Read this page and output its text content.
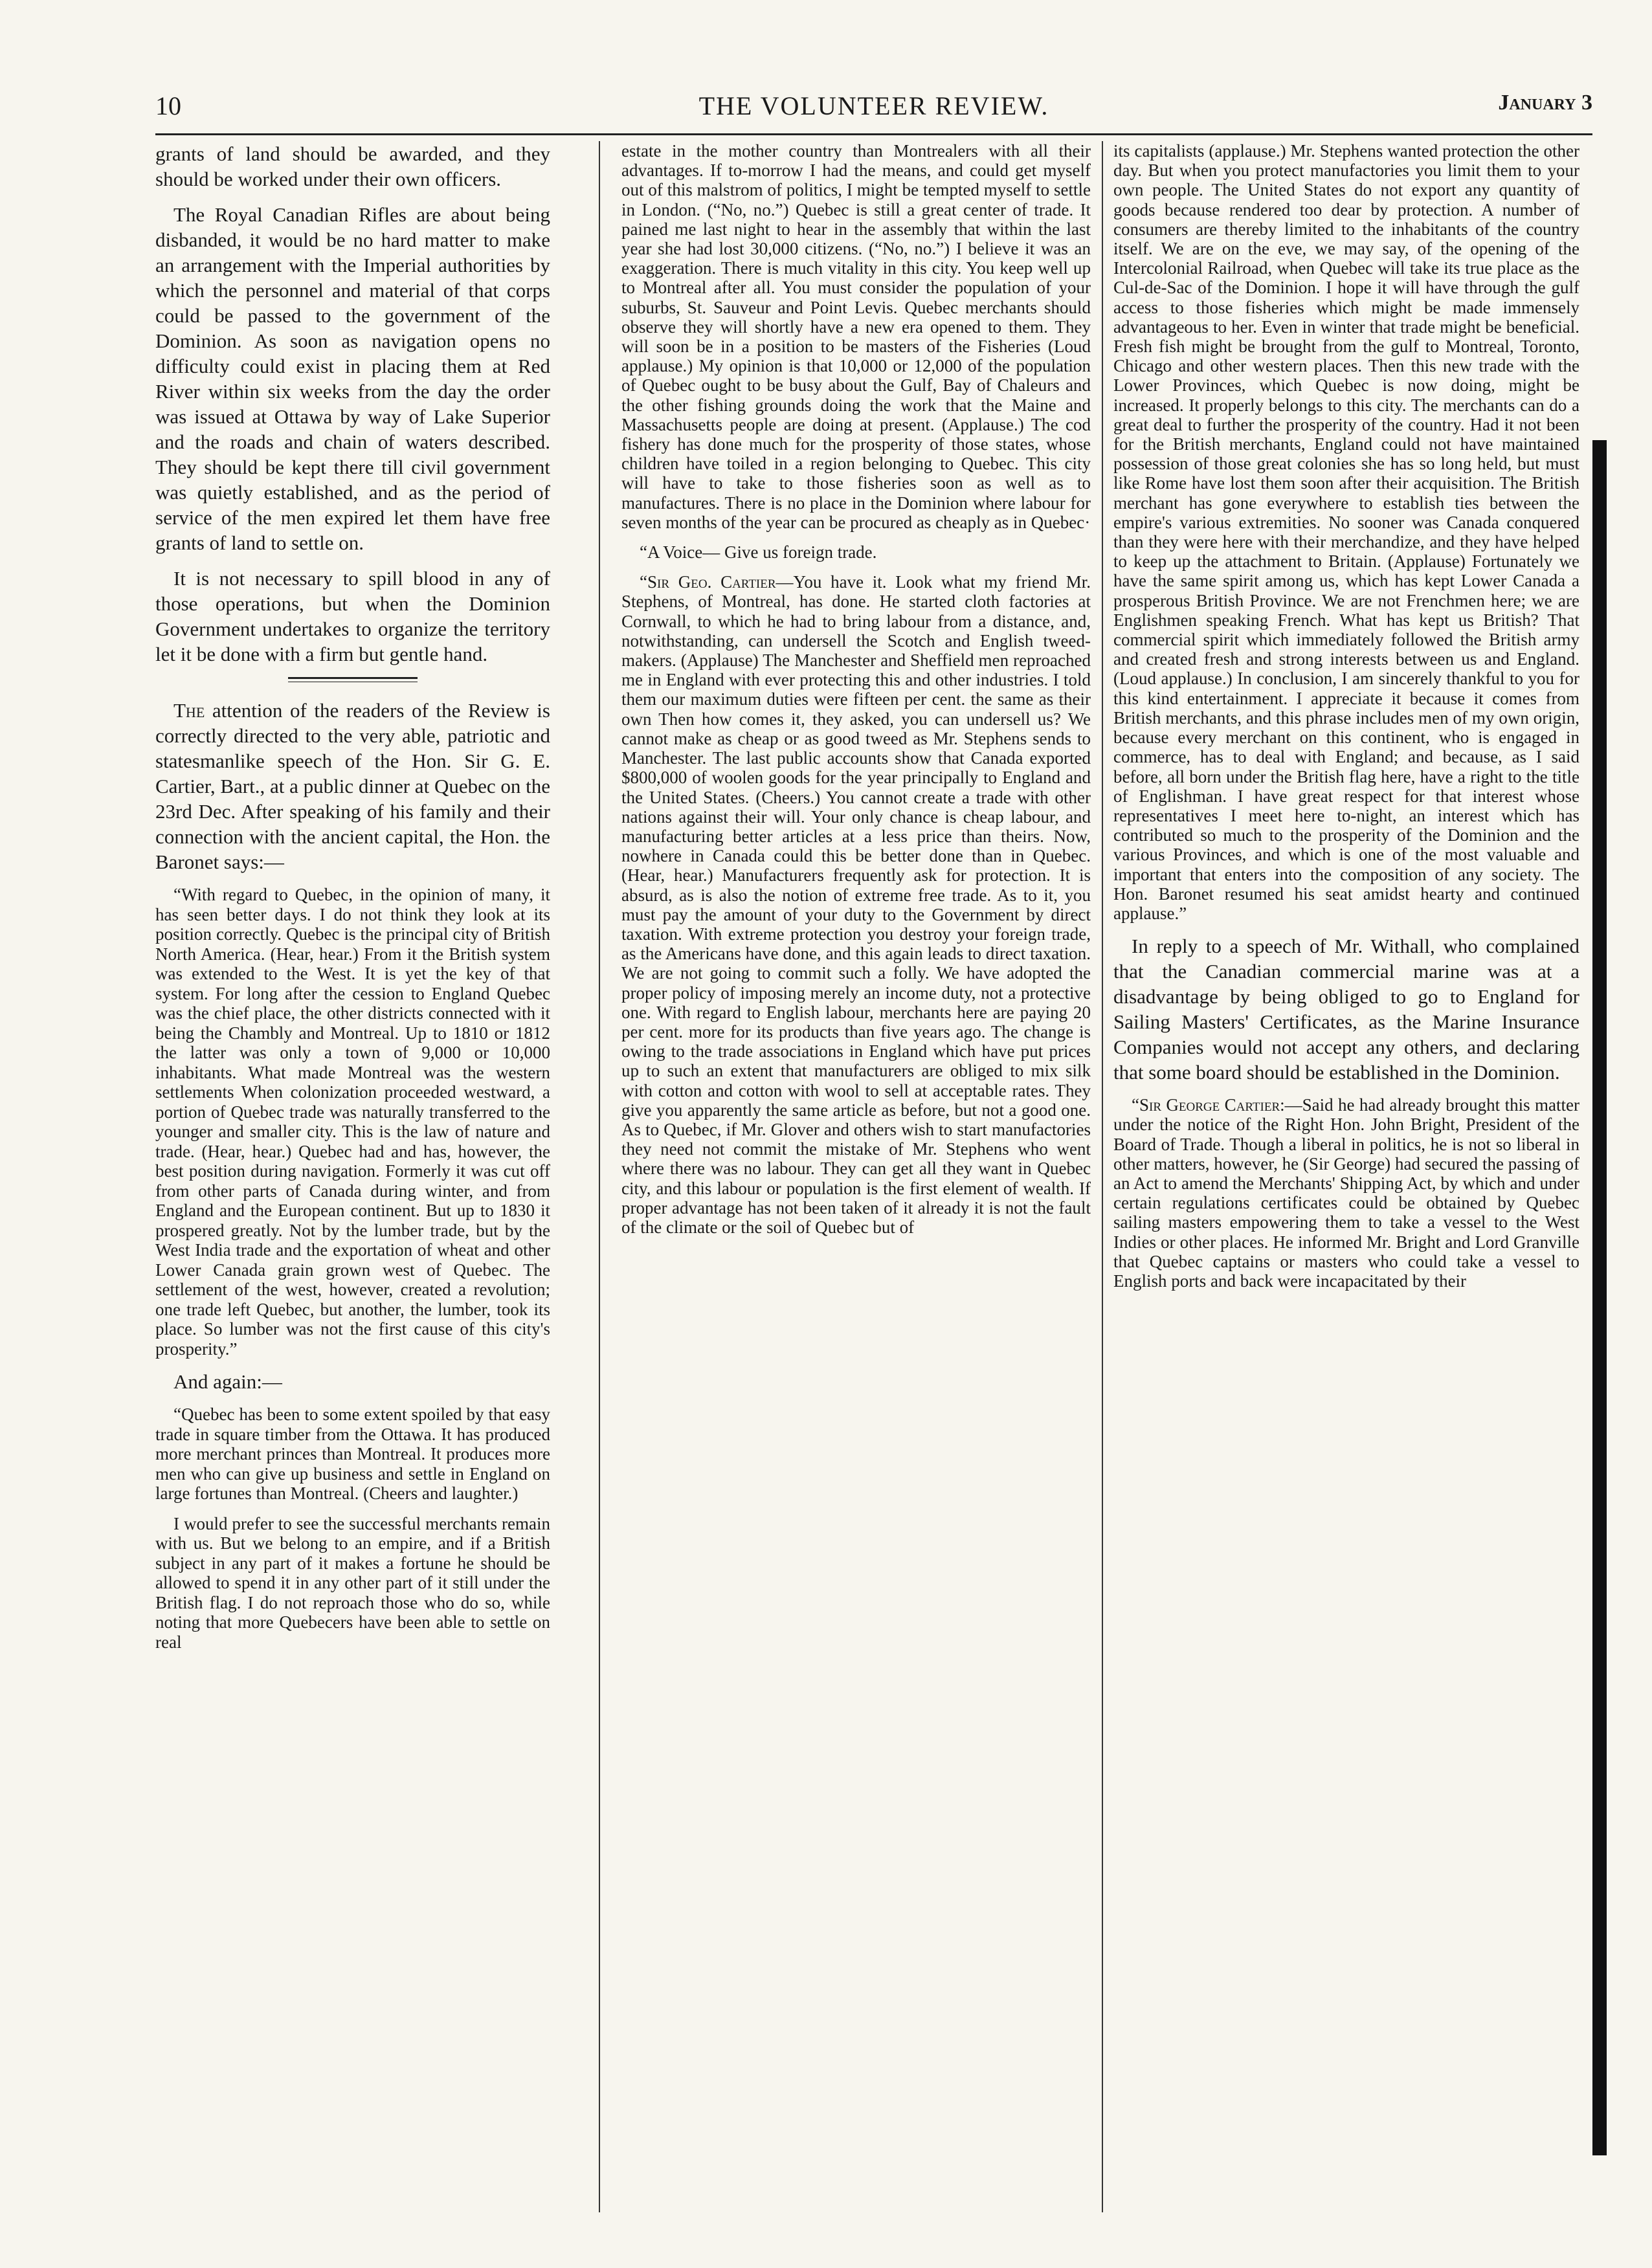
10	THE VOLUNTEER REVIEW.	January 3

grants of land should be awarded, and they should be worked under their own officers.

The Royal Canadian Rifles are about being disbanded, it would be no hard matter to make an arrangement with the Imperial authorities by which the personnel and material of that corps could be passed to the government of the Dominion. As soon as navigation opens no difficulty could exist in placing them at Red River within six weeks from the day the order was issued at Ottawa by way of Lake Superior and the roads and chain of waters described. They should be kept there till civil government was quietly established, and as the period of service of the men expired let them have free grants of land to settle on.

It is not necessary to spill blood in any of those operations, but when the Dominion Government undertakes to organize the territory let it be done with a firm but gentle hand.

The attention of the readers of the Review is correctly directed to the very able, patriotic and statesmanlike speech of the Hon. Sir G. E. Cartier, Bart., at a public dinner at Quebec on the 23rd Dec. After speaking of his family and their connection with the ancient capital, the Hon. the Baronet says:—

“With regard to Quebec, in the opinion of many, it has seen better days. I do not think they look at its position correctly. Quebec is the principal city of British North America. (Hear, hear.) From it the British system was extended to the West. It is yet the key of that system. For long after the cession to England Quebec was the chief place, the other districts connected with it being the Chambly and Montreal. Up to 1810 or 1812 the latter was only a town of 9,000 or 10,000 inhabitants. What made Montreal was the western settlements When colonization proceeded westward, a portion of Quebec trade was naturally transferred to the younger and smaller city. This is the law of nature and trade. (Hear, hear.) Quebec had and has, however, the best position during navigation. Formerly it was cut off from other parts of Canada during winter, and from England and the European continent. But up to 1830 it prospered greatly. Not by the lumber trade, but by the West India trade and the exportation of wheat and other Lower Canada grain grown west of Quebec. The settlement of the west, however, created a revolution; one trade left Quebec, but another, the lumber, took its place. So lumber was not the first cause of this city's prosperity.”

And again:—

“Quebec has been to some extent spoiled by that easy trade in square timber from the Ottawa. It has produced more merchant princes than Montreal. It produces more men who can give up business and settle in England on large fortunes than Montreal. (Cheers and laughter.)

I would prefer to see the successful merchants remain with us. But we belong to an empire, and if a British subject in any part of it makes a fortune he should be allowed to spend it in any other part of it still under the British flag. I do not reproach those who do so, while noting that more Quebecers have been able to settle on real

estate in the mother country than Montrealers with all their advantages. If to-morrow I had the means, and could get myself out of this malstrom of politics, I might be tempted myself to settle in London. (“No, no.”) Quebec is still a great center of trade. It pained me last night to hear in the assembly that within the last year she had lost 30,000 citizens. (“No, no.”) I believe it was an exaggeration. There is much vitality in this city. You keep well up to Montreal after all. You must consider the population of your suburbs, St. Sauveur and Point Levis. Quebec merchants should observe they will shortly have a new era opened to them. They will soon be in a position to be masters of the Fisheries (Loud applause.) My opinion is that 10,000 or 12,000 of the population of Quebec ought to be busy about the Gulf, Bay of Chaleurs and the other fishing grounds doing the work that the Maine and Massachusetts people are doing at present. (Applause.) The cod fishery has done much for the prosperity of those states, whose children have toiled in a region belonging to Quebec. This city will have to take to those fisheries soon as well as to manufactures. There is no place in the Dominion where labour for seven months of the year can be procured as cheaply as in Quebec·

“A Voice— Give us foreign trade.

“Sir Geo. Cartier—You have it. Look what my friend Mr. Stephens, of Montreal, has done. He started cloth factories at Cornwall, to which he had to bring labour from a distance, and, notwithstanding, can undersell the Scotch and English tweed-makers. (Applause) The Manchester and Sheffield men reproached me in England with ever protecting this and other industries. I told them our maximum duties were fifteen per cent. the same as their own Then how comes it, they asked, you can undersell us? We cannot make as cheap or as good tweed as Mr. Stephens sends to Manchester. The last public accounts show that Canada exported $800,000 of woolen goods for the year principally to England and the United States. (Cheers.) You cannot create a trade with other nations against their will. Your only chance is cheap labour, and manufacturing better articles at a less price than theirs. Now, nowhere in Canada could this be better done than in Quebec. (Hear, hear.) Manufacturers frequently ask for protection. It is absurd, as is also the notion of extreme free trade. As to it, you must pay the amount of your duty to the Government by direct taxation. With extreme protection you destroy your foreign trade, as the Americans have done, and this again leads to direct taxation. We are not going to commit such a folly. We have adopted the proper policy of imposing merely an income duty, not a protective one. With regard to English labour, merchants here are paying 20 per cent. more for its products than five years ago. The change is owing to the trade associations in England which have put prices up to such an extent that manufacturers are obliged to mix silk with cotton and cotton with wool to sell at acceptable rates. They give you apparently the same article as before, but not a good one. As to Quebec, if Mr. Glover and others wish to start manufactories they need not commit the mistake of Mr. Stephens who went where there was no labour. They can get all they want in Quebec city, and this labour or population is the first element of wealth. If proper advantage has not been taken of it already it is not the fault of the climate or the soil of Quebec but of

its capitalists (applause.) Mr. Stephens wanted protection the other day. But when you protect manufactories you limit them to your own people. The United States do not export any quantity of goods because rendered too dear by protection. A number of consumers are thereby limited to the inhabitants of the country itself. We are on the eve, we may say, of the opening of the Intercolonial Railroad, when Quebec will take its true place as the Cul-de-Sac of the Dominion. I hope it will have through the gulf access to those fisheries which might be made immensely advantageous to her. Even in winter that trade might be beneficial. Fresh fish might be brought from the gulf to Montreal, Toronto, Chicago and other western places. Then this new trade with the Lower Provinces, which Quebec is now doing, might be increased. It properly belongs to this city. The merchants can do a great deal to further the prosperity of the country. Had it not been for the British merchants, England could not have maintained possession of those great colonies she has so long held, but must like Rome have lost them soon after their acquisition. The British merchant has gone everywhere to establish ties between the empire's various extremities. No sooner was Canada conquered than they were here with their merchandize, and they have helped to keep up the attachment to Britain. (Applause) Fortunately we have the same spirit among us, which has kept Lower Canada a prosperous British Province. We are not Frenchmen here; we are Englishmen speaking French. What has kept us British? That commercial spirit which immediately followed the British army and created fresh and strong interests between us and England. (Loud applause.) In conclusion, I am sincerely thankful to you for this kind entertainment. I appreciate it because it comes from British merchants, and this phrase includes men of my own origin, because every merchant on this continent, who is engaged in commerce, has to deal with England; and because, as I said before, all born under the British flag here, have a right to the title of Englishman. I have great respect for that interest whose representatives I meet here to-night, an interest which has contributed so much to the prosperity of the Dominion and the various Provinces, and which is one of the most valuable and important that enters into the composition of any society. The Hon. Baronet resumed his seat amidst hearty and continued applause.”

In reply to a speech of Mr. Withall, who complained that the Canadian commercial marine was at a disadvantage by being obliged to go to England for Sailing Masters' Certificates, as the Marine Insurance Companies would not accept any others, and declaring that some board should be established in the Dominion.

“Sir George Cartier:—Said he had already brought this matter under the notice of the Right Hon. John Bright, President of the Board of Trade. Though a liberal in politics, he is not so liberal in other matters, however, he (Sir George) had secured the passing of an Act to amend the Merchants' Shipping Act, by which and under certain regulations certificates could be obtained by Quebec sailing masters empowering them to take a vessel to the West Indies or other places. He informed Mr. Bright and Lord Granville that Quebec captains or masters who could take a vessel to English ports and back were incapacitated by their
